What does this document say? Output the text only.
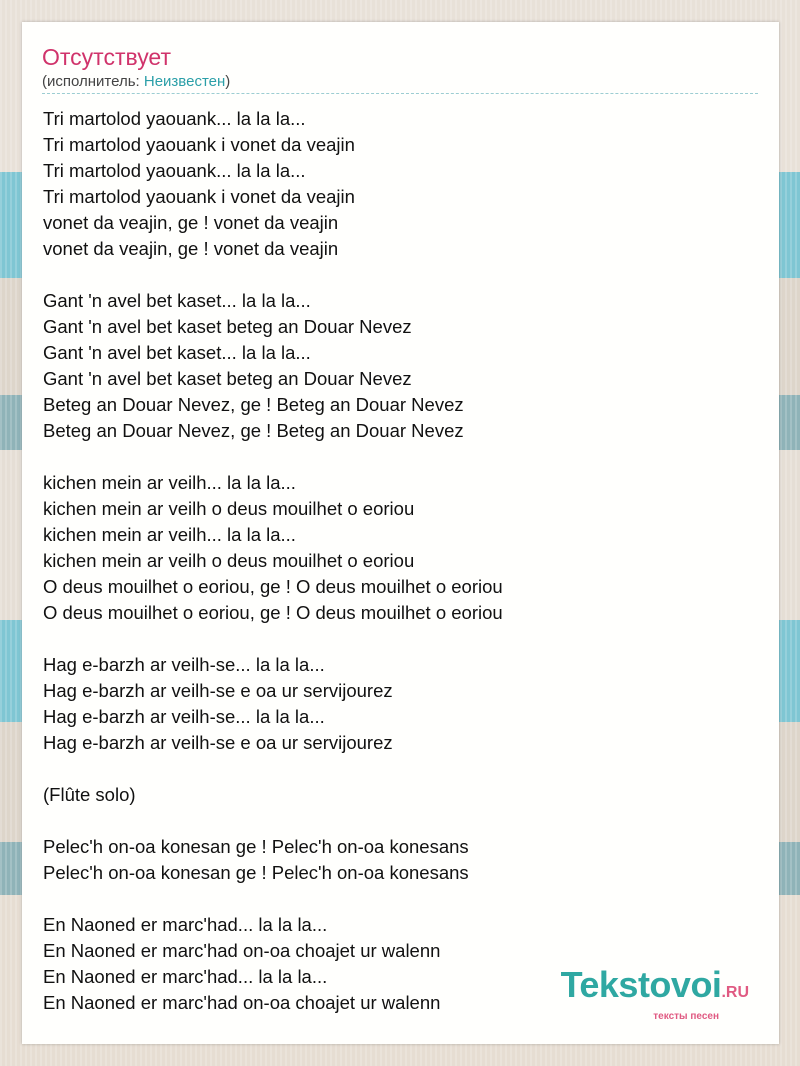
Отсутствует
(исполнитель: Неизвестен)
Tri martolod yaouank... la la la...
Tri martolod yaouank i vonet da veajin
Tri martolod yaouank... la la la...
Tri martolod yaouank i vonet da veajin
vonet da veajin, ge ! vonet da veajin
vonet da veajin, ge ! vonet da veajin
Gant 'n avel bet kaset... la la la...
Gant 'n avel bet kaset beteg an Douar Nevez
Gant 'n avel bet kaset... la la la...
Gant 'n avel bet kaset beteg an Douar Nevez
Beteg an Douar Nevez, ge ! Beteg an Douar Nevez
Beteg an Douar Nevez, ge ! Beteg an Douar Nevez
kichen mein ar veilh... la la la...
kichen mein ar veilh o deus mouilhet o eoriou
kichen mein ar veilh... la la la...
kichen mein ar veilh o deus mouilhet o eoriou
O deus mouilhet o eoriou, ge ! O deus mouilhet o eoriou
O deus mouilhet o eoriou, ge ! O deus mouilhet o eoriou
Hag e-barzh ar veilh-se... la la la...
Hag e-barzh ar veilh-se e oa ur servijourez
Hag e-barzh ar veilh-se... la la la...
Hag e-barzh ar veilh-se e oa ur servijourez
(Flûte solo)
Pelec'h on-oa konesan ge ! Pelec'h on-oa konesans
Pelec'h on-oa konesan ge ! Pelec'h on-oa konesans
En Naoned er marc'had... la la la...
En Naoned er marc'had on-oa choajet ur walenn
En Naoned er marc'had... la la la...
En Naoned er marc'had on-oa choajet ur walenn	Tekstovoi.RU
тексты песен
